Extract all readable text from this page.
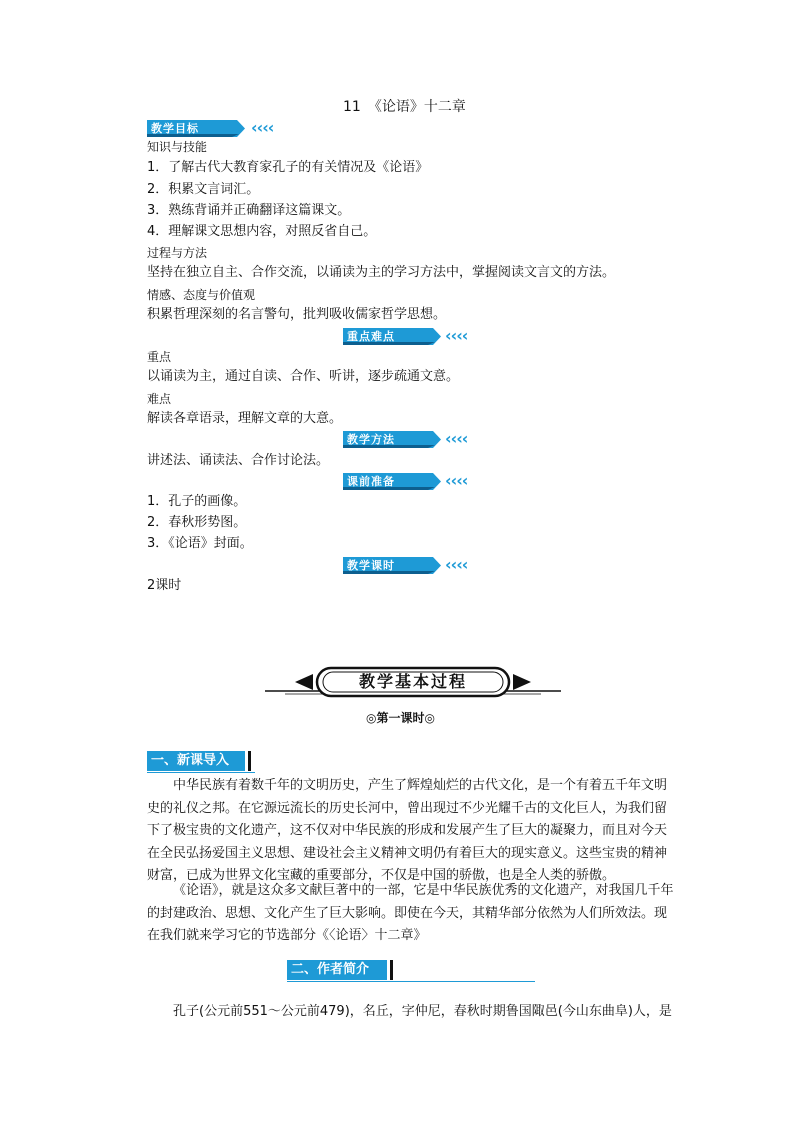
11　《论语》十二章
教学目标	‹‹‹‹
知识与技能
1．了解古代大教育家孔子的有关情况及《论语》
2．积累文言词汇。
3．熟练背诵并正确翻译这篇课文。
4．理解课文思想内容，对照反省自己。
过程与方法
坚持在独立自主、合作交流，以诵读为主的学习方法中，掌握阅读文言文的方法。
情感、态度与价值观
积累哲理深刻的名言警句，批判吸收儒家哲学思想。
重点难点	‹‹‹‹
重点
以诵读为主，通过自读、合作、听讲，逐步疏通文意。
难点
解读各章语录，理解文章的大意。
教学方法	‹‹‹‹
讲述法、诵读法、合作讨论法。
课前准备	‹‹‹‹
1．孔子的画像。
2．春秋形势图。
3．《论语》封面。
教学课时	‹‹‹‹
2课时
教学基本过程
◎第一课时◎
一、新课导入
中华民族有着数千年的文明历史，产生了辉煌灿烂的古代文化，是一个有着五千年文明史的礼仪之邦。在它源远流长的历史长河中，曾出现过不少光耀千古的文化巨人，为我们留下了极宝贵的文化遗产，这不仅对中华民族的形成和发展产生了巨大的凝聚力，而且对今天在全民弘扬爱国主义思想、建设社会主义精神文明仍有着巨大的现实意义。这些宝贵的精神财富，已成为世界文化宝藏的重要部分，不仅是中国的骄傲，也是全人类的骄傲。
《论语》，就是这众多文献巨著中的一部，它是中华民族优秀的文化遗产，对我国几千年的封建政治、思想、文化产生了巨大影响。即使在今天，其精华部分依然为人们所效法。现在我们就来学习它的节选部分《〈论语〉十二章》
二、作者简介
孔子(公元前551～公元前479)，名丘，字仲尼，春秋时期鲁国陬邑(今山东曲阜)人，是
